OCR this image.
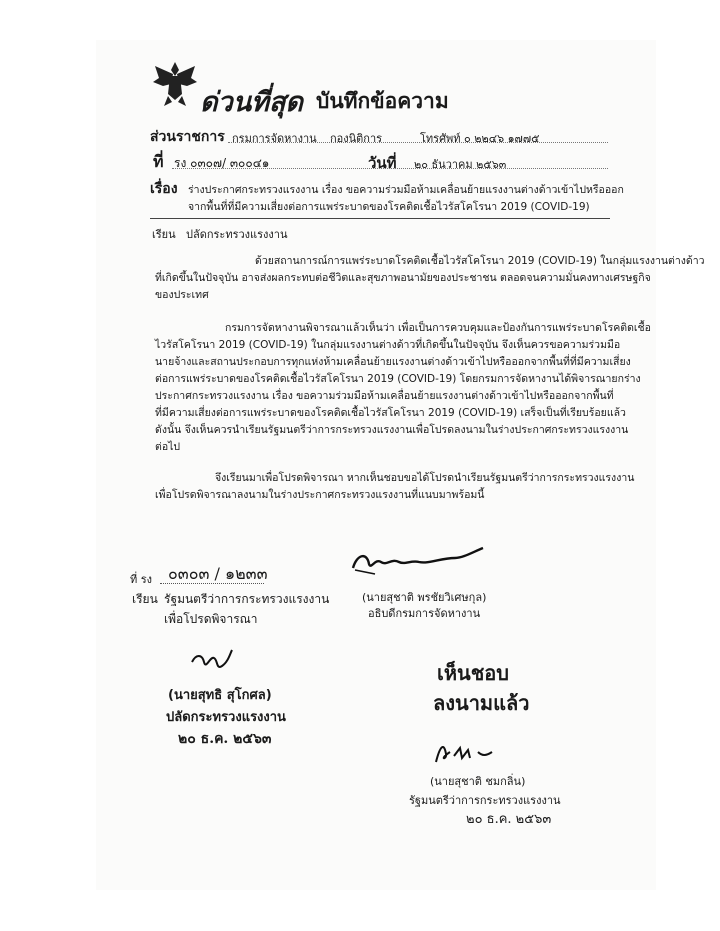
ด่วนที่สุด บันทึกข้อความ
ส่วนราชการ กรมการจัดหางาน กองนิติการ	โทรศัพท์ ๐ ๒๒๔๖ ๑๗๗๕
ที่ รง ๐๓๐๗/ ๓๐๐๔๑	วันที่ ๒๐ ธันวาคม ๒๕๖๓
เรื่อง ร่างประกาศกระทรวงแรงงาน เรื่อง ขอความร่วมมือห้ามเคลื่อนย้ายแรงงานต่างด้าวเข้าไปหรือออก
จากพื้นที่ที่มีความเสี่ยงต่อการแพร่ระบาดของโรคติดเชื้อไวรัสโคโรนา 2019 (COVID-19)
เรียน ปลัดกระทรวงแรงงาน
ด้วยสถานการณ์การแพร่ระบาดโรคติดเชื้อไวรัสโคโรนา 2019 (COVID-19) ในกลุ่มแรงงานต่างด้าว
ที่เกิดขึ้นในปัจจุบัน อาจส่งผลกระทบต่อชีวิตและสุขภาพอนามัยของประชาชน ตลอดจนความมั่นคงทางเศรษฐกิจ
ของประเทศ
กรมการจัดหางานพิจารณาแล้วเห็นว่า เพื่อเป็นการควบคุมและป้องกันการแพร่ระบาดโรคติดเชื้อ
ไวรัสโคโรนา 2019 (COVID-19) ในกลุ่มแรงงานต่างด้าวที่เกิดขึ้นในปัจจุบัน จึงเห็นควรขอความร่วมมือ
นายจ้างและสถานประกอบการทุกแห่งห้ามเคลื่อนย้ายแรงงานต่างด้าวเข้าไปหรือออกจากพื้นที่ที่มีความเสี่ยง
ต่อการแพร่ระบาดของโรคติดเชื้อไวรัสโคโรนา 2019 (COVID-19) โดยกรมการจัดหางานได้พิจารณายกร่าง
ประกาศกระทรวงแรงงาน เรื่อง ขอความร่วมมือห้ามเคลื่อนย้ายแรงงานต่างด้าวเข้าไปหรือออกจากพื้นที่
ที่มีความเสี่ยงต่อการแพร่ระบาดของโรคติดเชื้อไวรัสโคโรนา 2019 (COVID-19) เสร็จเป็นที่เรียบร้อยแล้ว
ดังนั้น จึงเห็นควรนำเรียนรัฐมนตรีว่าการกระทรวงแรงงานเพื่อโปรดลงนามในร่างประกาศกระทรวงแรงงาน
ต่อไป
จึงเรียนมาเพื่อโปรดพิจารณา หากเห็นชอบขอได้โปรดนำเรียนรัฐมนตรีว่าการกระทรวงแรงงาน
เพื่อโปรดพิจารณาลงนามในร่างประกาศกระทรวงแรงงานที่แนบมาพร้อมนี้
(นายสุชาติ พรชัยวิเศษกุล)
อธิบดีกรมการจัดหางาน
ที่ รง ๐๓๐๓ / ๑๒๓๓
เรียน รัฐมนตรีว่าการกระทรวงแรงงาน
เพื่อโปรดพิจารณา
(นายสุทธิ สุโกศล)
ปลัดกระทรวงแรงงาน
๒๐ ธ.ค. ๒๕๖๓
เห็นชอบ
ลงนามแล้ว
(นายสุชาติ ชมกลิ่น)
รัฐมนตรีว่าการกระทรวงแรงงาน
๒๐ ธ.ค. ๒๕๖๓
